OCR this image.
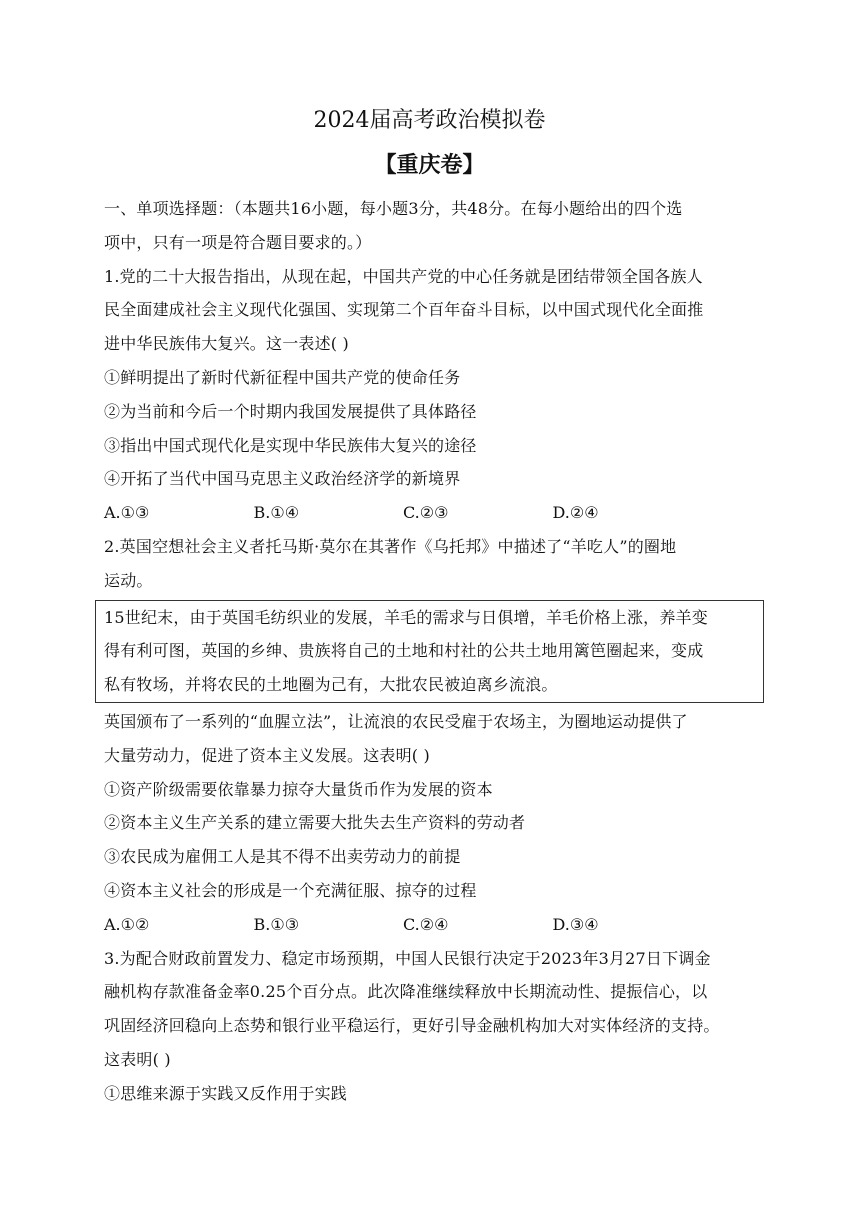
2024届高考政治模拟卷
【重庆卷】
一、单项选择题：（本题共16小题，每小题3分，共48分。在每小题给出的四个选
项中，只有一项是符合题目要求的。）
1.党的二十大报告指出，从现在起，中国共产党的中心任务就是团结带领全国各族人
民全面建成社会主义现代化强国、实现第二个百年奋斗目标，以中国式现代化全面推
进中华民族伟大复兴。这一表述( )
①鲜明提出了新时代新征程中国共产党的使命任务
②为当前和今后一个时期内我国发展提供了具体路径
③指出中国式现代化是实现中华民族伟大复兴的途径
④开拓了当代中国马克思主义政治经济学的新境界
A.①③	B.①④	C.②③	D.②④
2.英国空想社会主义者托马斯·莫尔在其著作《乌托邦》中描述了“羊吃人”的圈地
运动。
15世纪末，由于英国毛纺织业的发展，羊毛的需求与日俱增，羊毛价格上涨，养羊变
得有利可图，英国的乡绅、贵族将自己的土地和村社的公共土地用篱笆圈起来，变成
私有牧场，并将农民的土地圈为己有，大批农民被迫离乡流浪。
英国颁布了一系列的“血腥立法”，让流浪的农民受雇于农场主，为圈地运动提供了
大量劳动力，促进了资本主义发展。这表明( )
①资产阶级需要依靠暴力掠夺大量货币作为发展的资本
②资本主义生产关系的建立需要大批失去生产资料的劳动者
③农民成为雇佣工人是其不得不出卖劳动力的前提
④资本主义社会的形成是一个充满征服、掠夺的过程
A.①②	B.①③	C.②④	D.③④
3.为配合财政前置发力、稳定市场预期，中国人民银行决定于2023年3月27日下调金
融机构存款准备金率0.25个百分点。此次降准继续释放中长期流动性、提振信心，以
巩固经济回稳向上态势和银行业平稳运行，更好引导金融机构加大对实体经济的支持。
这表明( )
①思维来源于实践又反作用于实践
